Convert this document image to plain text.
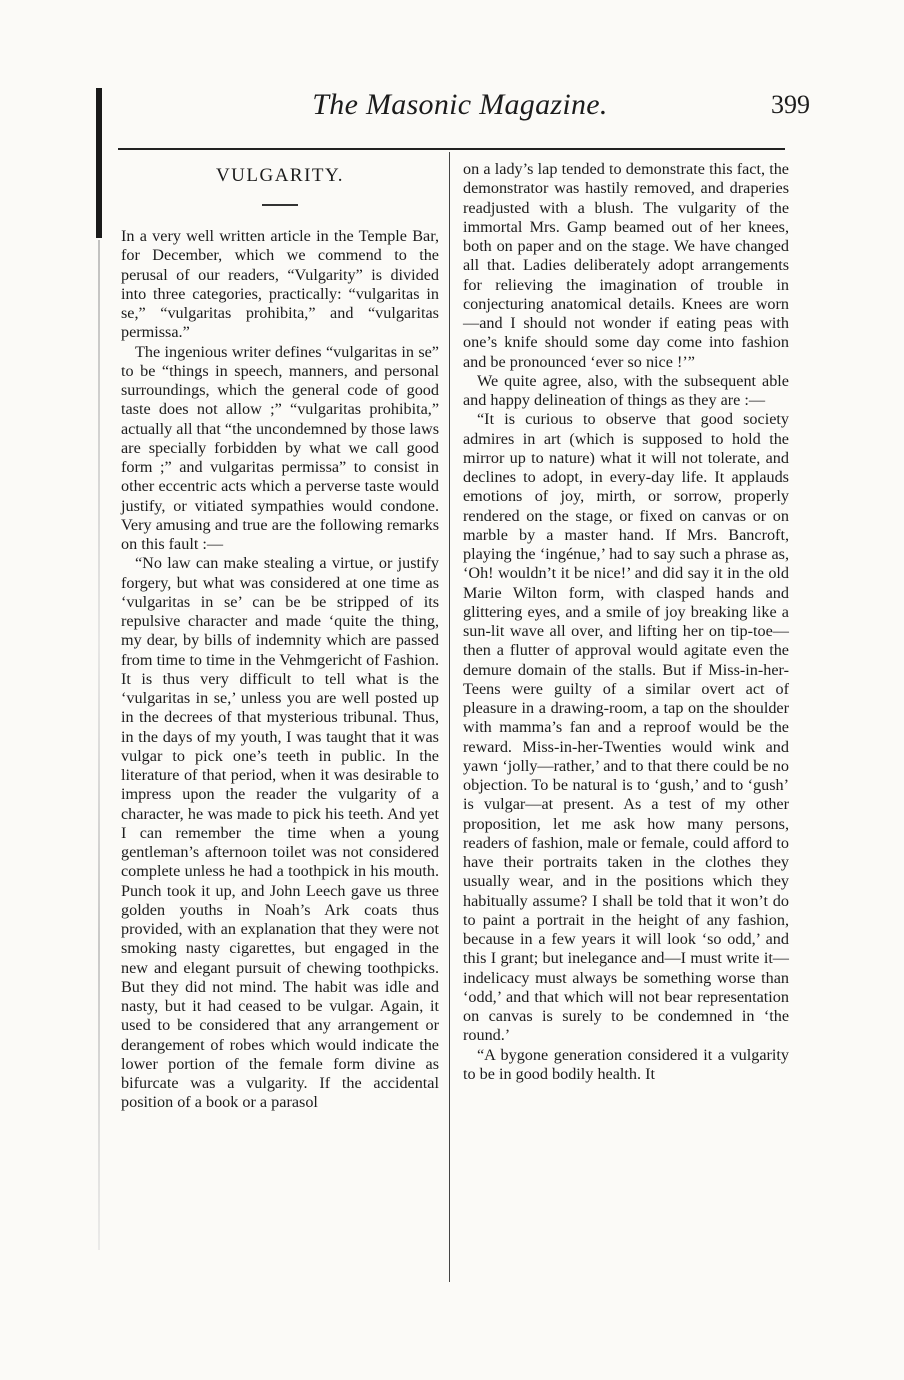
The Masonic Magazine.	399
VULGARITY.

In a very well written article in the Temple Bar, for December, which we commend to the perusal of our readers, “Vulgarity” is divided into three categories, practically: “vulgaritas in se,” “vulgaritas prohibita,” and “vulgaritas permissa.”

The ingenious writer defines “vulgaritas in se” to be “things in speech, manners, and personal surroundings, which the general code of good taste does not allow ;” “vulgaritas prohibita,” actually all that “the uncondemned by those laws are specially forbidden by what we call good form ;” and vulgaritas permissa” to consist in other eccentric acts which a perverse taste would justify, or vitiated sympathies would condone. Very amusing and true are the following remarks on this fault :—

“No law can make stealing a virtue, or justify forgery, but what was considered at one time as ‘vulgaritas in se’ can be be stripped of its repulsive character and made ‘quite the thing, my dear, by bills of indemnity which are passed from time to time in the Vehmgericht of Fashion. It is thus very difficult to tell what is the ‘vulgaritas in se,’ unless you are well posted up in the decrees of that mysterious tribunal. Thus, in the days of my youth, I was taught that it was vulgar to pick one’s teeth in public. In the literature of that period, when it was desirable to impress upon the reader the vulgarity of a character, he was made to pick his teeth. And yet I can remember the time when a young gentleman’s afternoon toilet was not considered complete unless he had a toothpick in his mouth. Punch took it up, and John Leech gave us three golden youths in Noah’s Ark coats thus provided, with an explanation that they were not smoking nasty cigarettes, but engaged in the new and elegant pursuit of chewing toothpicks. But they did not mind. The habit was idle and nasty, but it had ceased to be vulgar. Again, it used to be considered that any arrangement or derangement of robes which would indicate the lower portion of the female form divine as bifurcate was a vulgarity. If the accidental position of a book or a parasol

on a lady’s lap tended to demonstrate this fact, the demonstrator was hastily removed, and draperies readjusted with a blush. The vulgarity of the immortal Mrs. Gamp beamed out of her knees, both on paper and on the stage. We have changed all that. Ladies deliberately adopt arrangements for relieving the imagination of trouble in conjecturing anatomical details. Knees are worn—and I should not wonder if eating peas with one’s knife should some day come into fashion and be pronounced ‘ever so nice !’”

We quite agree, also, with the subsequent able and happy delineation of things as they are :—

“It is curious to observe that good society admires in art (which is supposed to hold the mirror up to nature) what it will not tolerate, and declines to adopt, in every-day life. It applauds emotions of joy, mirth, or sorrow, properly rendered on the stage, or fixed on canvas or on marble by a master hand. If Mrs. Bancroft, playing the ‘ingénue,’ had to say such a phrase as, ‘Oh! wouldn’t it be nice!’ and did say it in the old Marie Wilton form, with clasped hands and glittering eyes, and a smile of joy breaking like a sun-lit wave all over, and lifting her on tip-toe—then a flutter of approval would agitate even the demure domain of the stalls. But if Miss-in-her-Teens were guilty of a similar overt act of pleasure in a drawing-room, a tap on the shoulder with mamma’s fan and a reproof would be the reward. Miss-in-her-Twenties would wink and yawn ‘jolly—rather,’ and to that there could be no objection. To be natural is to ‘gush,’ and to ‘gush’ is vulgar—at present. As a test of my other proposition, let me ask how many persons, readers of fashion, male or female, could afford to have their portraits taken in the clothes they usually wear, and in the positions which they habitually assume? I shall be told that it won’t do to paint a portrait in the height of any fashion, because in a few years it will look ‘so odd,’ and this I grant; but inelegance and—I must write it—indelicacy must always be something worse than ‘odd,’ and that which will not bear representation on canvas is surely to be condemned in ‘the round.’

“A bygone generation considered it a vulgarity to be in good bodily health. It
